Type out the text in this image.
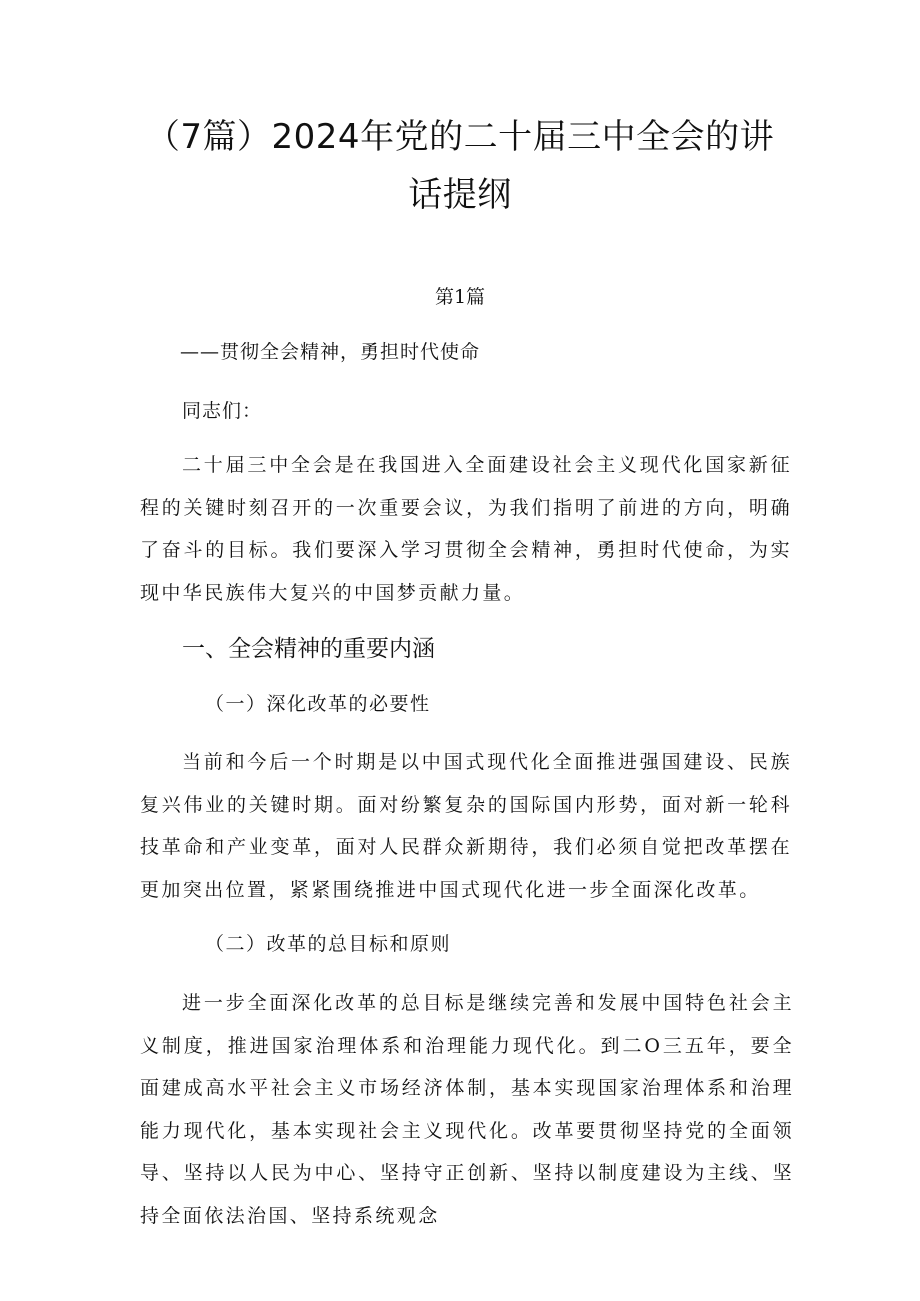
（7篇）2024年党的二十届三中全会的讲话提纲
第1篇
——贯彻全会精神，勇担时代使命
同志们：

二十届三中全会是在我国进入全面建设社会主义现代化国家新征程的关键时刻召开的一次重要会议，为我们指明了前进的方向，明确了奋斗的目标。我们要深入学习贯彻全会精神，勇担时代使命，为实现中华民族伟大复兴的中国梦贡献力量。

一、全会精神的重要内涵
（一）深化改革的必要性

当前和今后一个时期是以中国式现代化全面推进强国建设、民族复兴伟业的关键时期。面对纷繁复杂的国际国内形势，面对新一轮科技革命和产业变革，面对人民群众新期待，我们必须自觉把改革摆在更加突出位置，紧紧围绕推进中国式现代化进一步全面深化改革。

（二）改革的总目标和原则

进一步全面深化改革的总目标是继续完善和发展中国特色社会主义制度，推进国家治理体系和治理能力现代化。到二O三五年，要全面建成高水平社会主义市场经济体制，基本实现国家治理体系和治理能力现代化，基本实现社会主义现代化。改革要贯彻坚持党的全面领导、坚持以人民为中心、坚持守正创新、坚持以制度建设为主线、坚持全面依法治国、坚持系统观念
